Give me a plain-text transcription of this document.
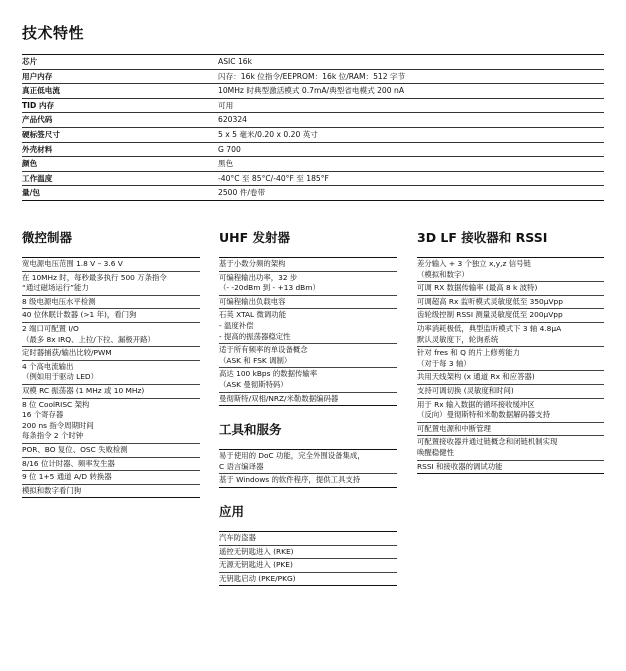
技术特性
芯片	ASIC 16k
用户内存	闪存：16k 位指令/EEPROM：16k 位/RAM：512 字节
真正低电流	10MHz 时典型激活模式 0.7mA/典型省电模式 200 nA
TID 内存	可用
产品代码	620324
硬标签尺寸	5 x 5 毫米/0.20 x 0.20 英寸
外壳材料	G 700
颜色	黑色
工作温度	-40°C 至 85°C/-40°F 至 185°F
量/包	2500 件/卷带
微控制器
宽电源电压范围 1.8 V – 3.6 V
在 10MHz 时，每秒最多执行 500 万条指令
“通过磁场运行”能力
8 级电源电压水平检测
40 位休眠计数器 (>1 年)，看门狗
2 端口可配置 I/O
（最多 8x IRQ、上拉/下拉、漏极开路）
定时器捕获/输出比较/PWM
4 个高电流输出
（例如用于驱动 LED）
双模 RC 振荡器 (1 MHz 或 10 MHz)
8 位 CoolRISC 架构
16 个寄存器
200 ns 指令周期时间
每条指令 2 个时钟
POR、BO 复位、OSC 失败检测
8/16 位计时器、频率发生器
9 位 1+5 通道 A/D 转换器
模拟和数字看门狗
UHF 发射器
基于小数分频的架构
可编程输出功率，32 步
（- -20dBm 到 - +13 dBm）
可编程输出负载电容
石英 XTAL 微调功能
- 温度补偿
- 提高的振荡器稳定性
适于所有频率的单设备概念
（ASK 和 FSK 调制）
高达 100 kBps 的数据传输率
（ASK 曼彻斯特码）
曼彻斯特/双相/NRZ/米勒数据编码器
工具和服务
易于使用的 DoC 功能，完全外围设备集成，
C 语言编译器
基于 Windows 的软件程序，提供工具支持
应用
汽车防盗器
遥控无钥匙进入 (RKE)
无源无钥匙进入 (PKE)
无钥匙启动 (PKE/PKG)
3D LF 接收器和 RSSI
差分输入 + 3 个独立 x,y,z 信号链
（模拟和数字）
可调 RX 数据传输率 (最高 8 k 波特)
可调超高 Rx 监听模式灵敏度低至 350µVpp
齿轮级控制 RSSI 测量灵敏度低至 200µVpp
功率消耗极低，典型监听模式下 3 轴 4.8µA
默认灵敏度下，轮询系统
针对 fres 和 Q 的片上修剪能力
（对于每 3 轴）
共用天线架构 (x 通道 Rx 和应答器)
支持可调切换 (灵敏度和时间)
用于 Rx 输入数据的循环接收缓冲区
（反向）曼彻斯特和米勒数据解码器支持
可配置电源和中断管理
可配置接收器并通过链概念和闭链机制实现
唤醒稳健性
RSSI 和接收器的调试功能
